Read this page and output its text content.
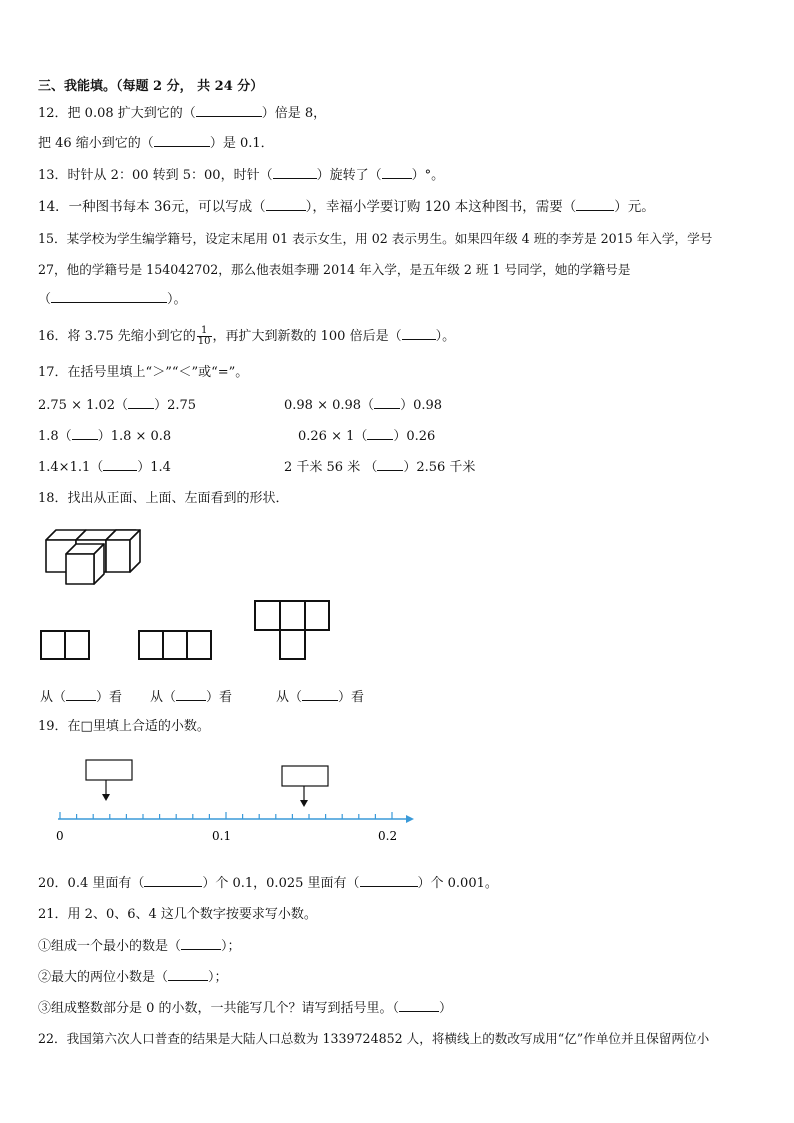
三、我能填。（每题 2 分， 共 24 分）
12．把 0.08 扩大到它的（	）倍是 8，
把 46 缩小到它的（	）是 0.1．
13．时针从 2：00 转到 5：00，时针（	）旋转了（ ）°。
14．一种图书每本 36元，可以写成（	），幸福小学要订购 120 本这种图书，需要（	）元。
15．某学校为学生编学籍号，设定末尾用 01 表示女生，用 02 表示男生。如果四年级 4 班的李芳是 2015 年入学，学号
27，他的学籍号是 154042702，那么他表姐李珊 2014 年入学，是五年级 2 班 1 号同学，她的学籍号是
（	）。
16．将 3.75 先缩小到它的 $\frac{1}{10}$ ，再扩大到新数的 100 倍后是（	）。
17．在括号里填上“＞”“＜”或“=”。
2.75 × 1.02（ ）2.75	0.98 × 0.98（ ）0.98
1.8（ ）1.8 × 0.8	0.26 × 1（ ）0.26
1.4×1.1（	）1.4	2 千米 56 米 （ ）2.56 千米
18．找出从正面、上面、左面看到的形状．
从（ ）看 从（ ）看	从（	）看
19．在□里填上合适的小数。
0	0.1	0.2
20．0.4 里面有（	）个 0.1，0.025 里面有（	）个 0.001。
21．用 2、0、6、4 这几个数字按要求写小数。
①组成一个最小的数是（	）；
②最大的两位小数是（	）；
③组成整数部分是 0 的小数，一共能写几个？请写到括号里。（	）
22．我国第六次人口普查的结果是大陆人口总数为 1339724852 人，将横线上的数改写成用“亿”作单位并且保留两位小
